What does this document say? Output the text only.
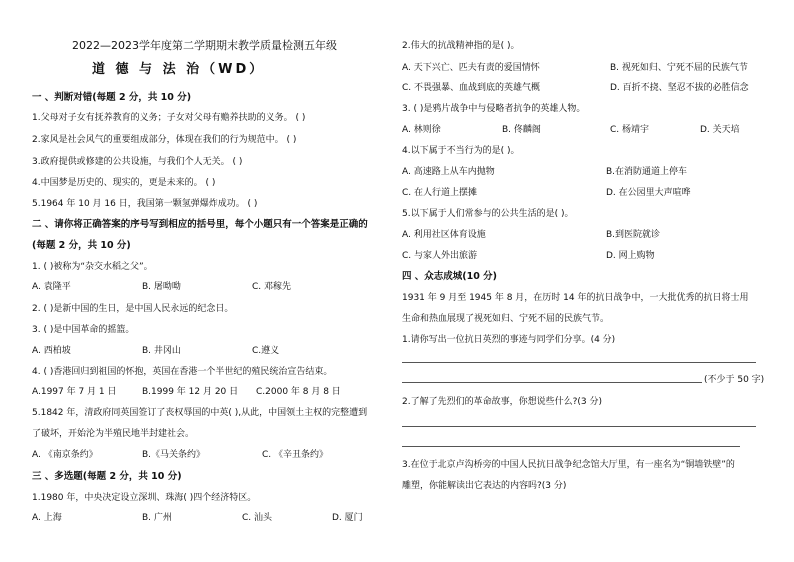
2022—2023学年度第二学期期末教学质量检测五年级
道 德 与 法 治（WD）
一 、判断对错(每题 2 分，共 10 分)
1.父母对子女有抚养教育的义务；子女对父母有赡养扶助的义务。 ( )
2.家风是社会风气的重要组成部分，体现在我们的行为规范中。 ( )
3.政府提供或修建的公共设施，与我们个人无关。 ( )
4.中国梦是历史的、现实的，更是未来的。 ( )
5.1964 年 10 月 16 日，我国第一颗氢弹爆炸成功。 ( )
二 、请你将正确答案的序号写到相应的括号里，每个小题只有一个答案是正确的
(每题 2 分，共 10 分)
1. ( )被称为“杂交水稻之父”。
A. 袁隆平	B. 屠呦呦	C. 邓稼先
2. ( )是新中国的生日，是中国人民永远的纪念日。
3. ( )是中国革命的摇篮。
A. 西柏坡	B. 井冈山	C.遵义
4. ( )香港回归到祖国的怀抱，英国在香港一个半世纪的殖民统治宣告结束。
A.1997 年 7 月 1 日	B.1999 年 12 月 20 日 C.2000 年 8 月 8 日
5.1842 年，清政府同英国签订了丧权辱国的中英( ),从此，中国领土主权的完整遭到
了破坏，开始沦为半殖民地半封建社会。
A. 《南京条约》	B.《马关条约》	C. 《辛丑条约》
三 、多选题(每题 2 分，共 10 分)
1.1980 年，中央决定设立深圳、珠海( )四个经济特区。
A. 上海	B. 广州	C. 汕头	D. 厦门
2.伟大的抗战精神指的是( )。
A. 天下兴亡、匹夫有责的爱国情怀	B. 视死如归、宁死不屈的民族气节
C. 不畏强暴、血战到底的英雄气概	D. 百折不挠、坚忍不拔的必胜信念
3. ( )是鸦片战争中与侵略者抗争的英雄人物。
A. 林则徐	B. 佟麟阁	C. 杨靖宇	D. 关天培
4.以下属于不当行为的是( )。
A. 高速路上从车内抛物	B.在消防通道上停车
C. 在人行道上摆摊	D. 在公园里大声喧哗
5.以下属于人们常参与的公共生活的是( )。
A. 利用社区体育设施	B.到医院就诊
C. 与家人外出旅游	D. 网上购物
四 、众志成城(10 分)
1931 年 9 月至 1945 年 8 月，在历时 14 年的抗日战争中，一大批优秀的抗日将士用
生命和热血展现了视死如归、宁死不屈的民族气节。
1.请你写出一位抗日英烈的事迹与同学们分享。(4 分)
(不少于 50 字)
2.了解了先烈们的革命故事，你想说些什么?(3 分)
3.在位于北京卢沟桥旁的中国人民抗日战争纪念馆大厅里，有一座名为“铜墙铁壁”的
雕塑，你能解读出它表达的内容吗?(3 分)
